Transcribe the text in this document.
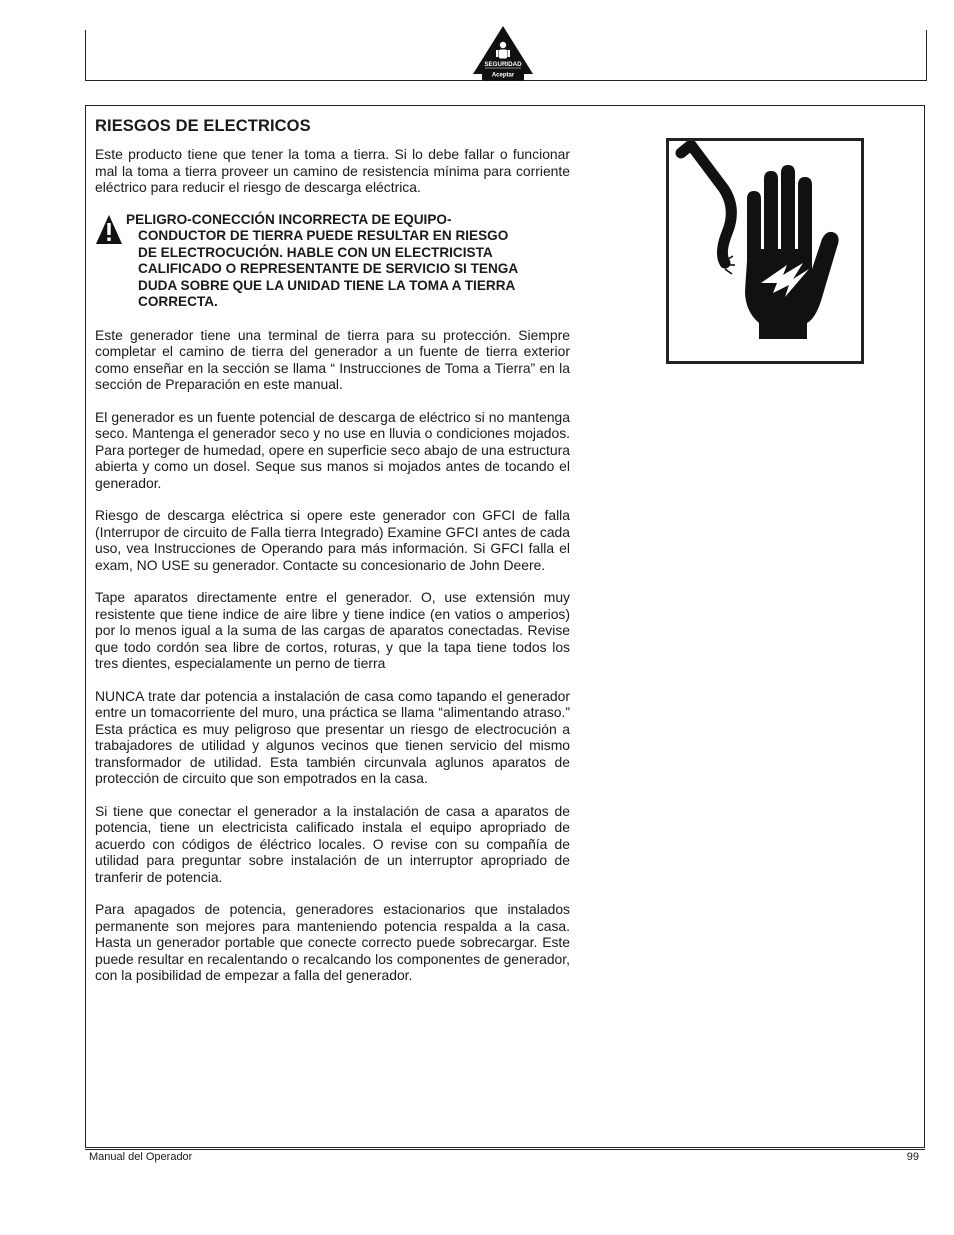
SEGURIDAD
Aceptar
RIESGOS DE ELECTRICOS

Este producto tiene que tener la toma a tierra. Si lo debe fallar o funcionar mal la toma a tierra proveer un camino de resistencia mínima para corriente eléctrico para reducir el riesgo de descarga eléctrica.

PELIGRO-CONECCIÓN INCORRECTA DE EQUIPO-
CONDUCTOR DE TIERRA PUEDE RESULTAR EN RIESGO
DE ELECTROCUCIÓN. HABLE CON UN ELECTRICISTA
CALIFICADO O REPRESENTANTE DE SERVICIO SI TENGA
DUDA SOBRE QUE LA UNIDAD TIENE LA TOMA A TIERRA
CORRECTA.

Este generador tiene una terminal de tierra para su protección. Siempre completar el camino de tierra del generador a un fuente de tierra exterior como enseñar en la sección se llama “ Instrucciones de Toma a Tierra” en la sección de Preparación en este manual.

El generador es un fuente potencial de descarga de eléctrico si no mantenga seco. Mantenga el generador seco y no use en lluvia o condiciones mojados. Para porteger de humedad, opere en superficie seco abajo de una estructura abierta y como un dosel. Seque sus manos si mojados antes de tocando el generador.

Riesgo de descarga eléctrica si opere este generador con GFCI de falla (Interrupor de circuito de Falla tierra Integrado) Examine GFCI antes de cada uso, vea Instrucciones de Operando para más información. Si GFCI falla el exam, NO USE su generador. Contacte su concesionario de John Deere.

Tape aparatos directamente entre el generador. O, use extensión muy resistente que tiene indice de aire libre y tiene indice (en vatios o amperios) por lo menos igual a la suma de las cargas de aparatos conectadas. Revise que todo cordón sea libre de cortos, roturas, y que la tapa tiene todos los tres dientes, especialamente un perno de tierra

NUNCA trate dar potencia a instalación de casa como tapando el generador entre un tomacorriente del muro, una práctica se llama “alimentando atraso.” Esta práctica es muy peligroso que presentar un riesgo de electrocución a trabajadores de utilidad y algunos vecinos que tienen servicio del mismo transformador de utilidad. Esta también circunvala aglunos aparatos de protección de circuito que son empotrados en la casa.

Si tiene que conectar el generador a la instalación de casa a aparatos de potencia, tiene un electricista calificado instala el equipo apropriado de acuerdo con códigos de éléctrico locales. O revise con su compañía de utilidad para preguntar sobre instalación de un interruptor apropriado de tranferir de potencia.

Para apagados de potencia, generadores estacionarios que instalados permanente son mejores para manteniendo potencia respalda a la casa. Hasta un generador portable que conecte correcto puede sobrecargar. Este puede resultar en recalentando o recalcando los componentes de generador, con la posibilidad de empezar a falla del generador.

Manual del Operador	99
